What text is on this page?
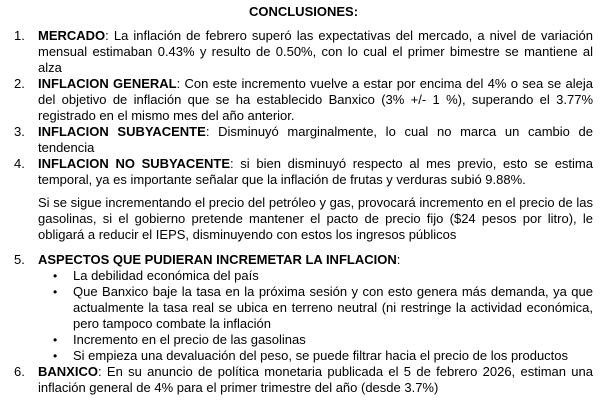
CONCLUSIONES:
1. MERCADO: La inflación de febrero superó las expectativas del mercado, a nivel de variación mensual estimaban 0.43% y resulto de 0.50%, con lo cual el primer bimestre se mantiene al alza
2. INFLACION GENERAL: Con este incremento vuelve a estar por encima del 4% o sea se aleja del objetivo de inflación que se ha establecido Banxico (3% +/- 1 %), superando el 3.77% registrado en el mismo mes del año anterior.
3. INFLACION SUBYACENTE: Disminuyó marginalmente, lo cual no marca un cambio de tendencia
4. INFLACION NO SUBYACENTE: si bien disminuyó respecto al mes previo, esto se estima temporal, ya es importante señalar que la inflación de frutas y verduras subió 9.88%.
Si se sigue incrementando el precio del petróleo y gas, provocará incremento en el precio de las gasolinas, si el gobierno pretende mantener el pacto de precio fijo ($24 pesos por litro), le obligará a reducir el IEPS, disminuyendo con estos los ingresos públicos
5. ASPECTOS QUE PUDIERAN INCREMETAR LA INFLACION:
• La debilidad económica del país
• Que Banxico baje la tasa en la próxima sesión y con esto genera más demanda, ya que actualmente la tasa real se ubica en terreno neutral (ni restringe la actividad económica, pero tampoco combate la inflación
• Incremento en el precio de las gasolinas
• Si empieza una devaluación del peso, se puede filtrar hacia el precio de los productos
6. BANXICO: En su anuncio de política monetaria publicada el 5 de febrero 2026, estiman una inflación general de 4% para el primer trimestre del año (desde 3.7%)
